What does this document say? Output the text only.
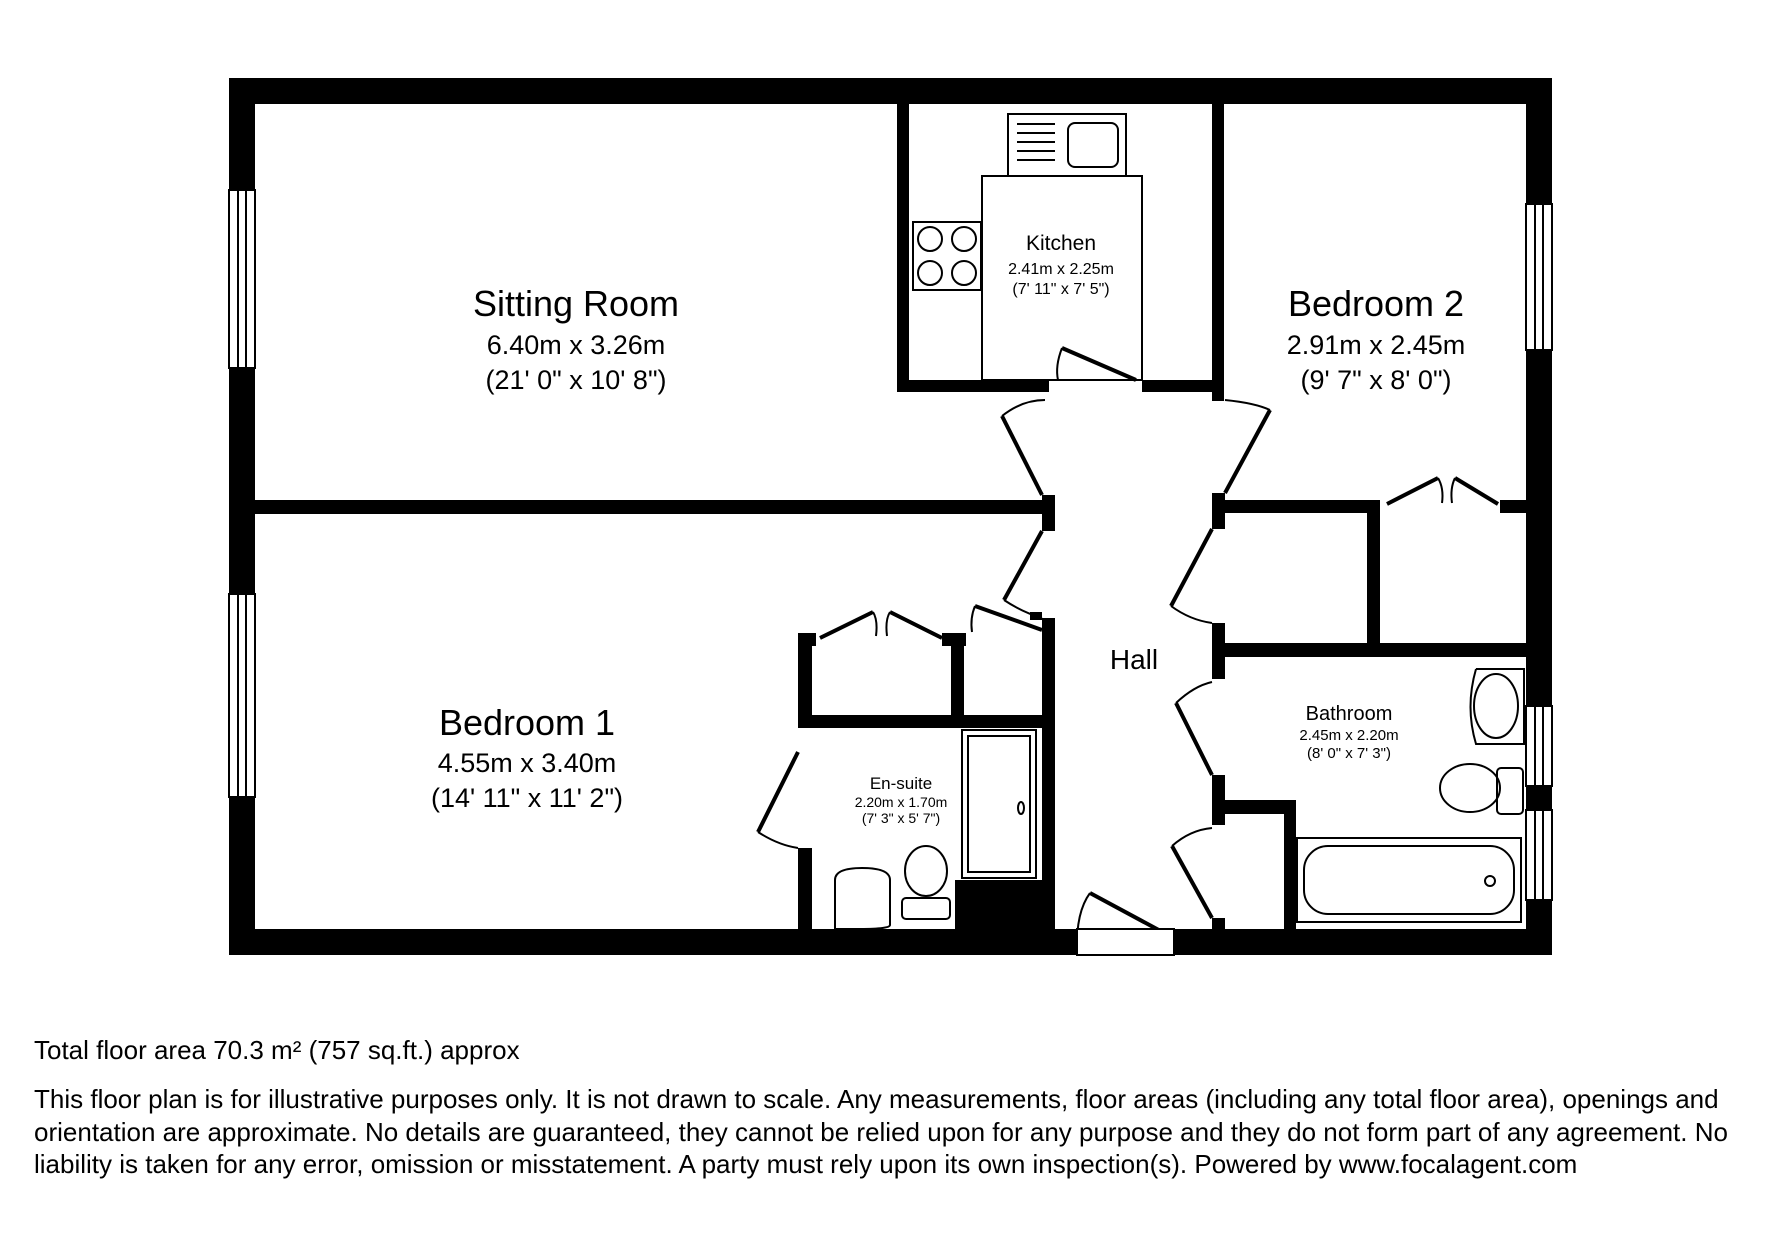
Sitting Room
6.40m x 3.26m
(21' 0" x 10' 8")
Kitchen
2.41m x 2.25m
(7' 11" x 7' 5")	Bedroom 2
2.91m x 2.45m
(9' 7" x 8' 0")
Bedroom 1
4.55m x 3.40m
(14' 11" x 11' 2")	En-suite
2.20m x 1.70m
(7' 3" x 5' 7")
Bathroom
2.45m x 2.20m
(8' 0" x 7' 3")
Hall
Total floor area 70.3 m² (757 sq.ft.) approx
This floor plan is for illustrative purposes only. It is not drawn to scale. Any measurements, floor areas (including any total floor area), openings and orientation are approximate. No details are guaranteed, they cannot be relied upon for any purpose and they do not form part of any agreement. No liability is taken for any error, omission or misstatement. A party must rely upon its own inspection(s). Powered by www.focalagent.com
